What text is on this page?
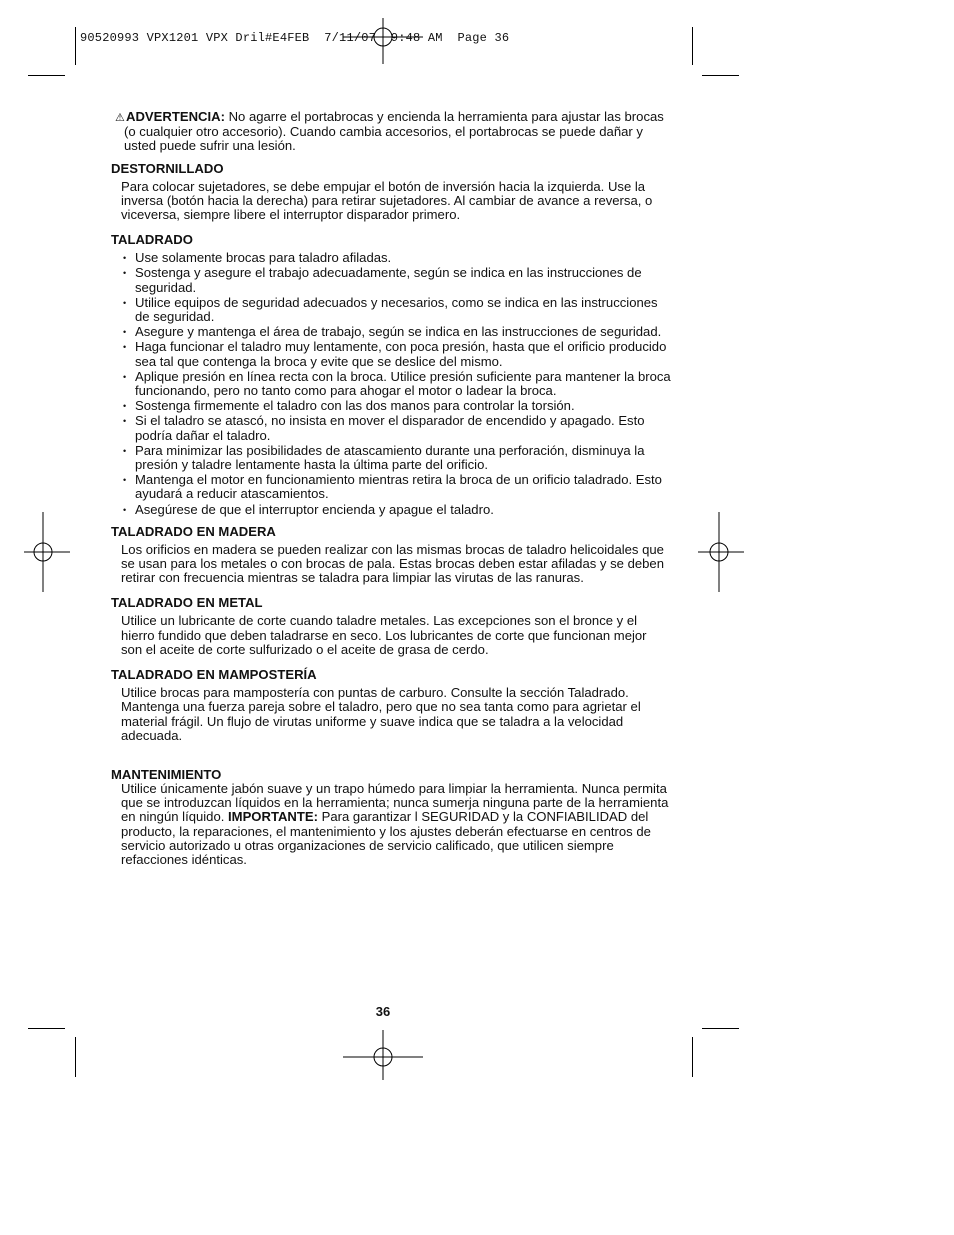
90520993 VPX1201 VPX Dril#E4FEB  7/11/07  9:48 AM  Page 36

⚠ADVERTENCIA: No agarre el portabrocas y encienda la herramienta para ajustar las brocas (o cualquier otro accesorio). Cuando cambia accesorios, el portabrocas se puede dañar y usted puede sufrir una lesión.

DESTORNILLADO

Para colocar sujetadores, se debe empujar el botón de inversión hacia la izquierda. Use la inversa (botón hacia la derecha) para retirar sujetadores. Al cambiar de avance a reversa, o viceversa, siempre libere el interruptor disparador primero.

TALADRADO
• Use solamente brocas para taladro afiladas.
• Sostenga y asegure el trabajo adecuadamente, según se indica en las instrucciones de seguridad.
• Utilice equipos de seguridad adecuados y necesarios, como se indica en las instrucciones de seguridad.
• Asegure y mantenga el área de trabajo, según se indica en las instrucciones de seguridad.
• Haga funcionar el taladro muy lentamente, con poca presión, hasta que el orificio producido sea tal que contenga la broca y evite que se deslice del mismo.
• Aplique presión en línea recta con la broca. Utilice presión suficiente para mantener la broca funcionando, pero no tanto como para ahogar el motor o ladear la broca.
• Sostenga firmemente el taladro con las dos manos para controlar la torsión.
• Si el taladro se atascó, no insista en mover el disparador de encendido y apagado. Esto podría dañar el taladro.
• Para minimizar las posibilidades de atascamiento durante una perforación, disminuya la presión y taladre lentamente hasta la última parte del orificio.
• Mantenga el motor en funcionamiento mientras retira la broca de un orificio taladrado. Esto ayudará a reducir atascamientos.
• Asegúrese de que el interruptor encienda y apague el taladro.
TALADRADO EN MADERA

Los orificios en madera se pueden realizar con las mismas brocas de taladro helicoidales que se usan para los metales o con brocas de pala. Estas brocas deben estar afiladas y se deben retirar con frecuencia mientras se taladra para limpiar las virutas de las ranuras.

TALADRADO EN METAL

Utilice un lubricante de corte cuando taladre metales. Las excepciones son el bronce y el hierro fundido que deben taladrarse en seco. Los lubricantes de corte que funcionan mejor son el aceite de corte sulfurizado o el aceite de grasa de cerdo.

TALADRADO EN MAMPOSTERÍA

Utilice brocas para mampostería con puntas de carburo. Consulte la sección Taladrado. Mantenga una fuerza pareja sobre el taladro, pero que no sea tanta como para agrietar el material frágil. Un flujo de virutas uniforme y suave indica que se taladra a la velocidad adecuada.

MANTENIMIENTO

Utilice únicamente jabón suave y un trapo húmedo para limpiar la herramienta. Nunca permita que se introduzcan líquidos en la herramienta; nunca sumerja ninguna parte de la herramienta en ningún líquido. IMPORTANTE: Para garantizar l SEGURIDAD y la CONFIABILIDAD del producto, la reparaciones, el mantenimiento y los ajustes deberán efectuarse en centros de servicio autorizado u otras organizaciones de servicio calificado, que utilicen siempre refacciones idénticas.

36
